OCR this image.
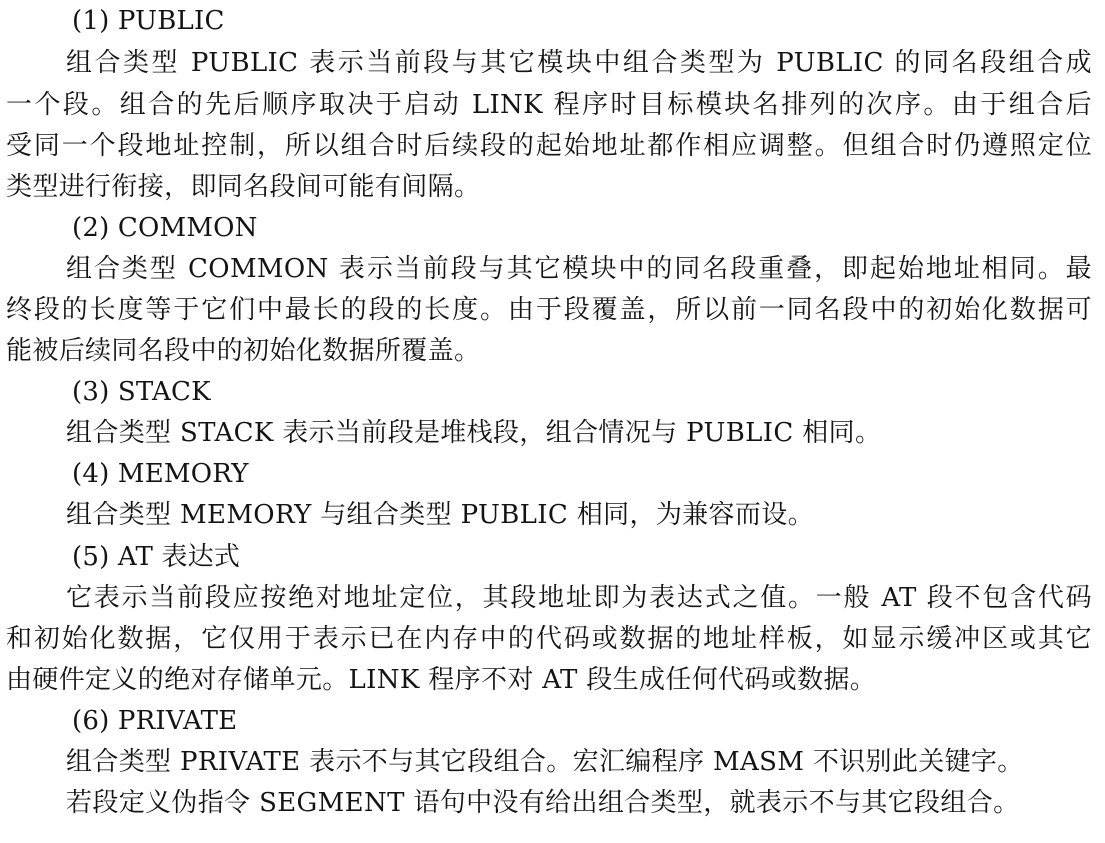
(1) PUBLIC
组合类型 PUBLIC 表示当前段与其它模块中组合类型为 PUBLIC 的同名段组合成
一个段。组合的先后顺序取决于启动 LINK 程序时目标模块名排列的次序。由于组合后
受同一个段地址控制，所以组合时后续段的起始地址都作相应调整。但组合时仍遵照定位
类型进行衔接，即同名段间可能有间隔。
(2) COMMON
组合类型 COMMON 表示当前段与其它模块中的同名段重叠，即起始地址相同。最
终段的长度等于它们中最长的段的长度。由于段覆盖，所以前一同名段中的初始化数据可
能被后续同名段中的初始化数据所覆盖。
(3) STACK
组合类型 STACK 表示当前段是堆栈段，组合情况与 PUBLIC 相同。
(4) MEMORY
组合类型 MEMORY 与组合类型 PUBLIC 相同，为兼容而设。
(5) AT 表达式
它表示当前段应按绝对地址定位，其段地址即为表达式之值。一般 AT 段不包含代码
和初始化数据，它仅用于表示已在内存中的代码或数据的地址样板，如显示缓冲区或其它
由硬件定义的绝对存储单元。LINK 程序不对 AT 段生成任何代码或数据。
(6) PRIVATE
组合类型 PRIVATE 表示不与其它段组合。宏汇编程序 MASM 不识别此关键字。
若段定义伪指令 SEGMENT 语句中没有给出组合类型，就表示不与其它段组合。
